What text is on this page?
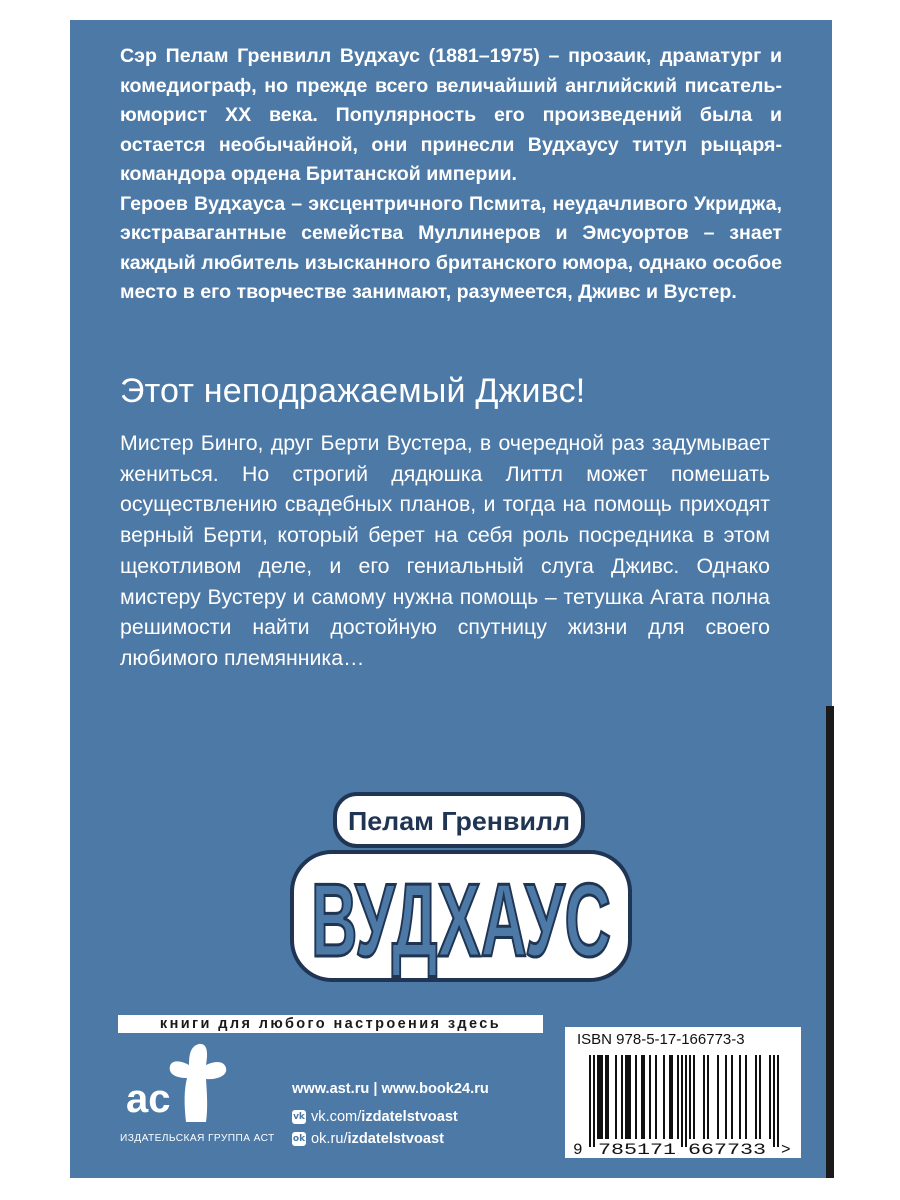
Сэр Пелам Гренвилл Вудхаус (1881–1975) – прозаик, драматург и комедиограф, но прежде всего величайший английский писатель-юморист XX века. Популярность его произведений была и остается необычайной, они принесли Вудхаусу титул рыцаря-командора ордена Британской империи.

Героев Вудхауса – эксцентричного Псмита, неудачливого Укриджа, экстравагантные семейства Муллинеров и Эмсуортов – знает каждый любитель изысканного британского юмора, однако особое место в его творчестве занимают, разумеется, Дживс и Вустер.

Этот неподражаемый Дживс!

Мистер Бинго, друг Берти Вустера, в очередной раз задумывает жениться. Но строгий дядюшка Литтл может помешать осуществлению свадебных планов, и тогда на помощь приходят верный Берти, который берет на себя роль посредника в этом щекотливом деле, и его гениальный слуга Дживс. Однако мистеру Вустеру и самому нужна помощь – тетушка Агата полна решимости найти достойную спутницу жизни для своего любимого племянника…

Пелам Гренвилл
ВУДХАУС
книги для любого настроения здесь
ас
ИЗДАТЕЛЬСКАЯ ГРУППА АСТ
www.ast.ru | www.book24.ru
vk vk.com/ izdatelstvoast
ok ok.ru/ izdatelstvoast
ISBN 978-5-17-166773-3
9 785171 667733 >
